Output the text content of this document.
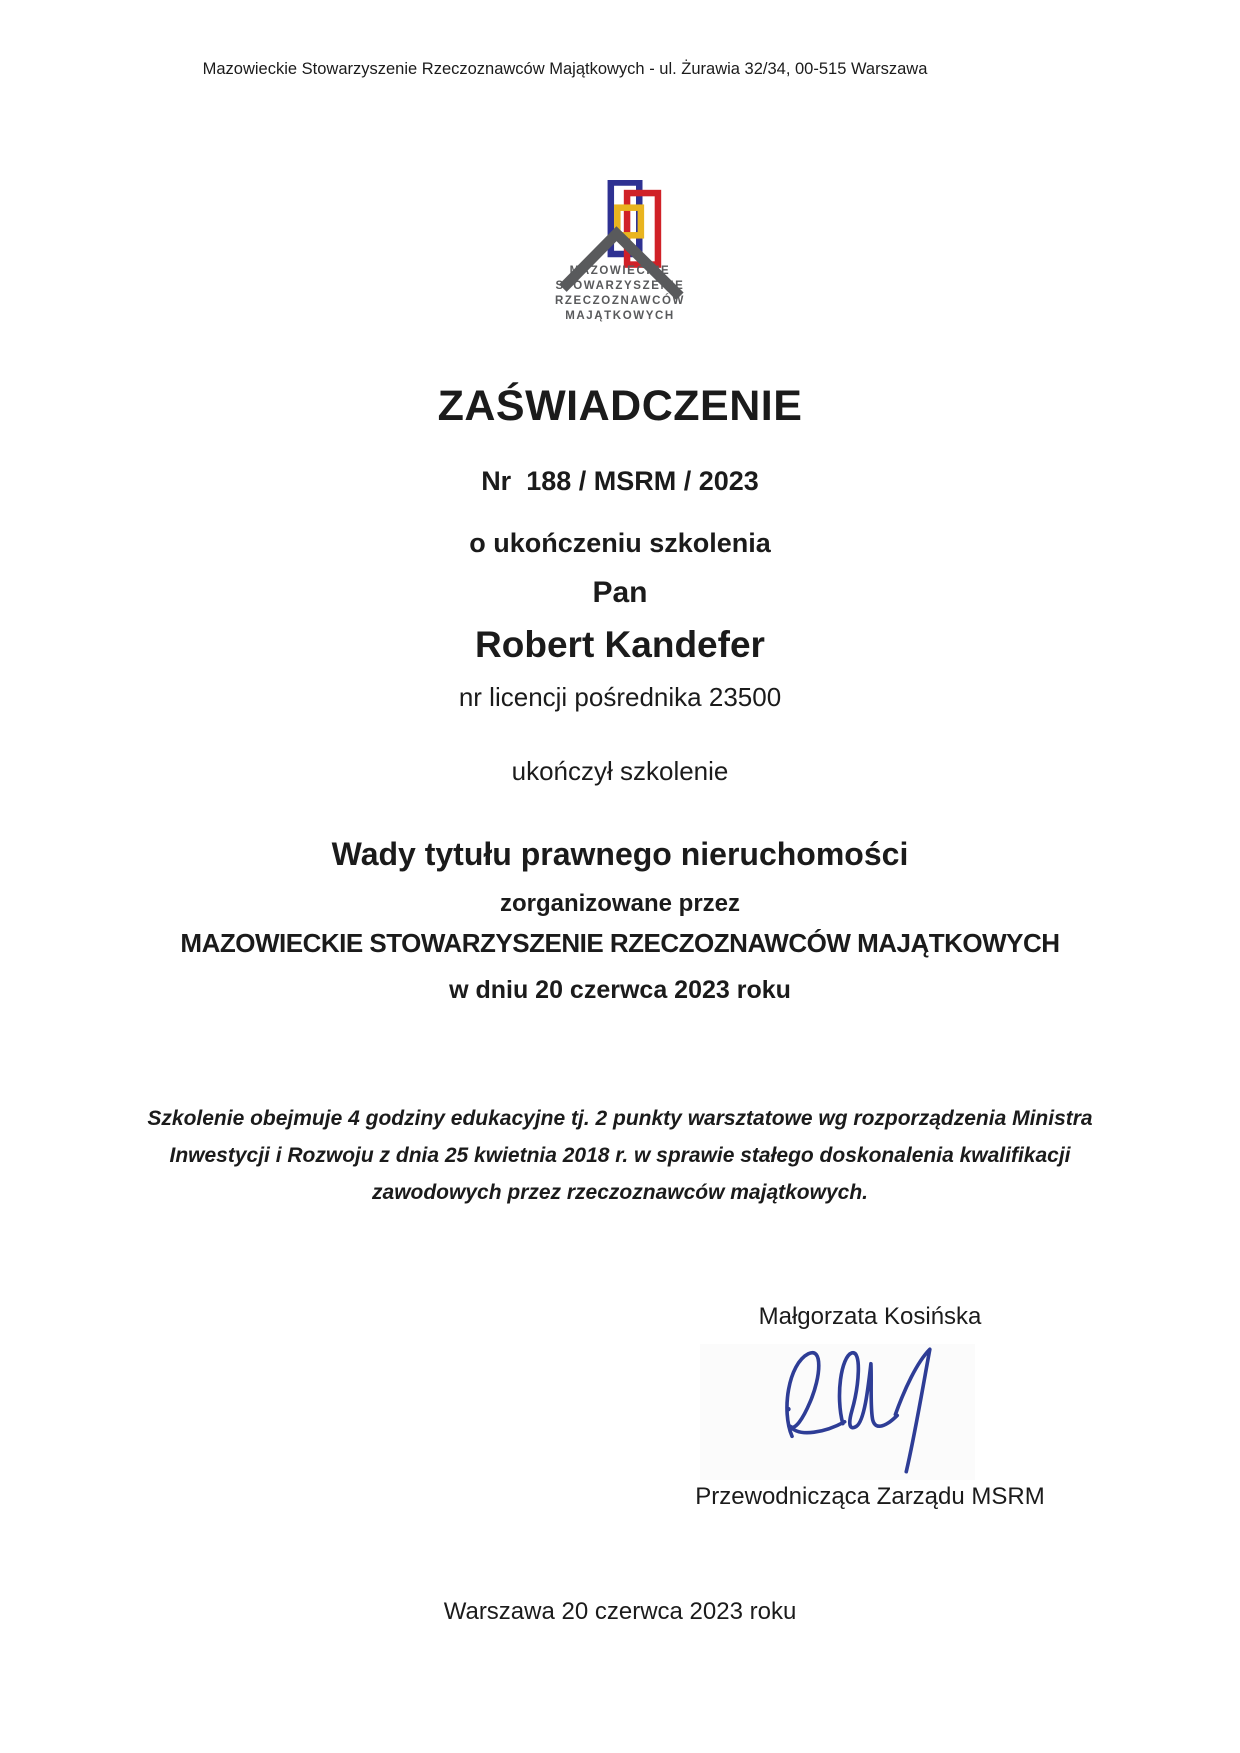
Mazowieckie Stowarzyszenie Rzeczoznawców Majątkowych - ul. Żurawia 32/34, 00-515 Warszawa
MAZOWIECKIE
STOWARZYSZENIE
RZECZOZNAWCÓW
MAJĄTKOWYCH
ZAŚWIADCZENIE
Nr  188 / MSRM / 2023
o ukończeniu szkolenia
Pan
Robert Kandefer
nr licencji pośrednika 23500
ukończył szkolenie
Wady tytułu prawnego nieruchomości
zorganizowane przez
MAZOWIECKIE STOWARZYSZENIE RZECZOZNAWCÓW MAJĄTKOWYCH
w dniu 20 czerwca 2023 roku
Szkolenie obejmuje 4 godziny edukacyjne tj. 2 punkty warsztatowe wg rozporządzenia Ministra Inwestycji i Rozwoju z dnia 25 kwietnia 2018 r. w sprawie stałego doskonalenia kwalifikacji zawodowych przez rzeczoznawców majątkowych.
Małgorzata Kosińska
Przewodnicząca Zarządu MSRM
Warszawa 20 czerwca 2023 roku
